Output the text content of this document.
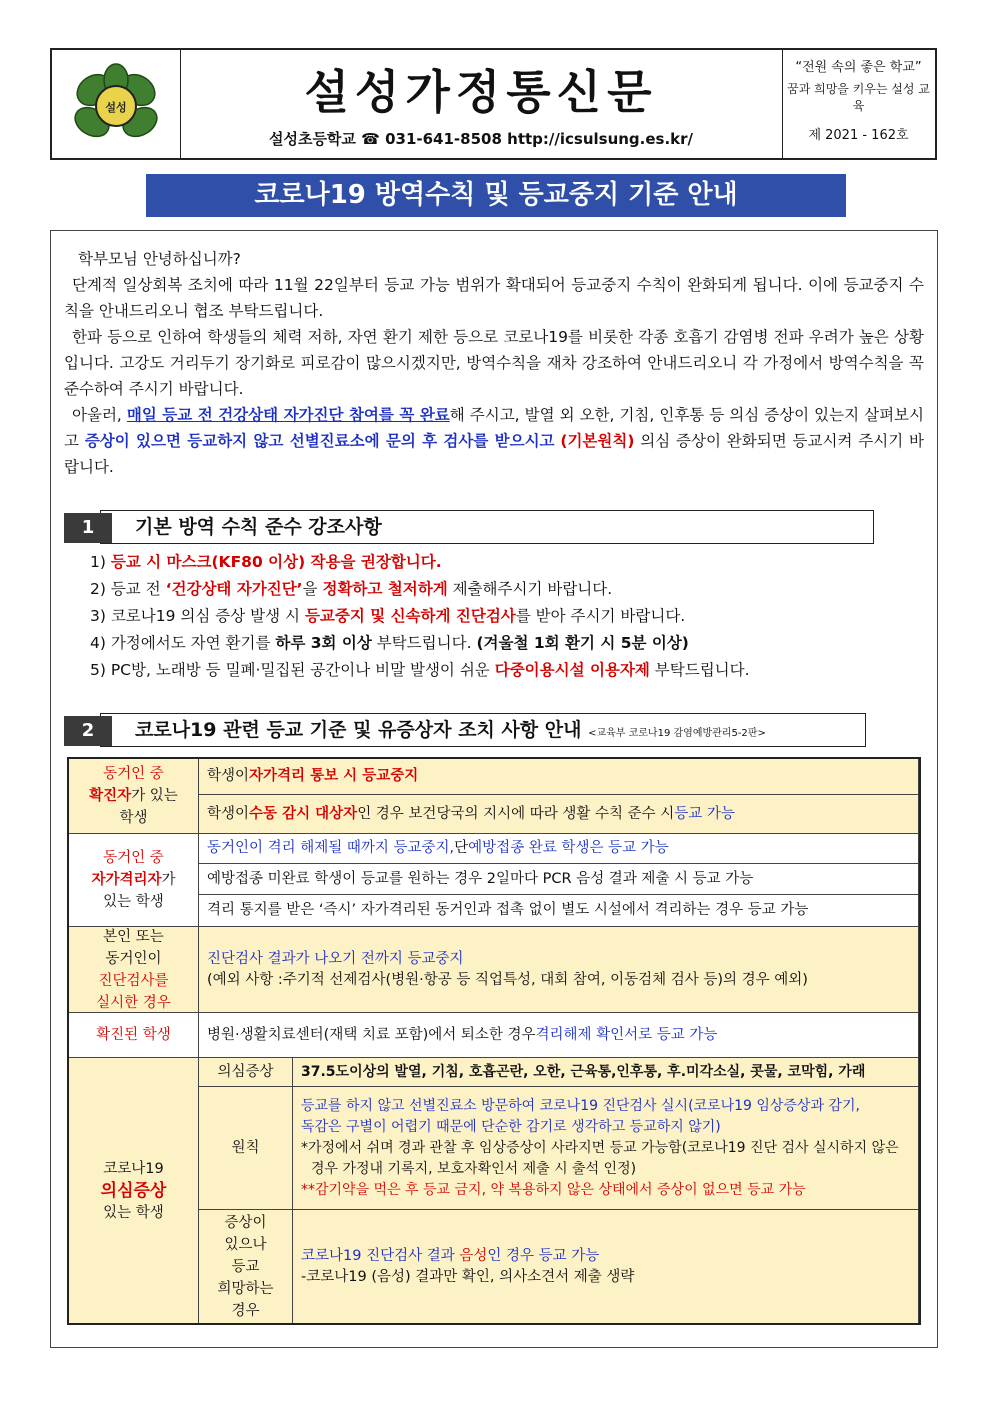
설성	설성가정통신문
설성초등학교 ☎ 031-641-8508 http://icsulsung.es.kr/
“전원 속의 좋은 학교”
꿈과 희망을 키우는 설성 교육
제 2021 - 162호
코로나19 방역수칙 및 등교중지 기준 안내
학부모님 안녕하십니까?
단계적 일상회복 조치에 따라 11월 22일부터 등교 가능 범위가 확대되어 등교중지 수칙이 완화되게 됩니다. 이에 등교중지 수칙을 안내드리오니 협조 부탁드립니다.
한파 등으로 인하여 학생들의 체력 저하, 자연 환기 제한 등으로 코로나19를 비롯한 각종 호흡기 감염병 전파 우려가 높은 상황입니다. 고강도 거리두기 장기화로 피로감이 많으시겠지만, 방역수칙을 재차 강조하여 안내드리오니 각 가정에서 방역수칙을 꼭 준수하여 주시기 바랍니다.
아울러, 매일 등교 전 건강상태 자가진단 참여를 꼭 완료해 주시고, 발열 외 오한, 기침, 인후통 등 의심 증상이 있는지 살펴보시고 증상이 있으면 등교하지 않고 선별진료소에 문의 후 검사를 받으시고 (기본원칙) 의심 증상이 완화되면 등교시켜 주시기 바랍니다.
기본 방역 수칙 준수 강조사항
1
1) 등교 시 마스크(KF80 이상) 작용을 권장합니다.
2) 등교 전 ‘건강상태 자가진단’을 정확하고 철저하게 제출해주시기 바랍니다.
3) 코로나19 의심 증상 발생 시 등교중지 및 신속하게 진단검사를 받아 주시기 바랍니다.
4) 가정에서도 자연 환기를 하루 3회 이상 부탁드립니다. (겨울철 1회 환기 시 5분 이상)
5) PC방, 노래방 등 밀폐·밀집된 공간이나 비말 발생이 쉬운 다중이용시설 이용자제 부탁드립니다.
코로나19 관련 등교 기준 및 유증상자 조치 사항 안내 <교육부 코로나19 감염예방관리5-2판>
2
동거인 중
확진자가 있는
학생
학생이 자가격리 통보 시 등교중지
학생이 수동 감시 대상자 인 경우 보건당국의 지시에 따라 생활 수칙 준수 시 등교 가능
동거인 중
자가격리자가
있는 학생
동거인이 격리 해제될 때까지 등교중지, 단 예방접종 완료 학생은 등교 가능
예방접종 미완료 학생이 등교를 원하는 경우 2일마다 PCR 음성 결과 제출 시 등교 가능
격리 통지를 받은 ‘즉시’ 자가격리된 동거인과 접촉 없이 별도 시설에서 격리하는 경우 등교 가능
본인 또는
동거인이
진단검사를
실시한 경우
진단검사 결과가 나오기 전까지 등교중지
(예외 사항 :주기적 선제검사(병원·항공 등 직업특성, 대회 참여, 이동검체 검사 등)의 경우 예외)
확진된 학생 병원·생활치료센터(재택 치료 포함)에서 퇴소한 경우 격리해제 확인서로 등교 가능
코로나19
의심증상
있는 학생
의심증상	37.5도이상의 발열, 기침, 호흡곤란, 오한, 근육통,인후통, 후.미각소실, 콧물, 코막힘, 가래
원칙
등교를 하지 않고 선별진료소 방문하여 코로나19 진단검사 실시(코로나19 임상증상과 감기,
독감은 구별이 어렵기 때문에 단순한 감기로 생각하고 등교하지 않기)
*가정에서 쉬며 경과 관찰 후 임상증상이 사라지면 등교 가능함(코로나19 진단 검사 실시하지 않은
경우 가정내 기록지, 보호자확인서 제출 시 출석 인정)
**감기약을 먹은 후 등교 금지, 약 복용하지 않은 상태에서 증상이 없으면 등교 가능
증상이
있으나
등교
희망하는
경우
코로나19 진단검사 결과 음성인 경우 등교 가능
-코로나19 (음성) 결과만 확인, 의사소견서 제출 생략
